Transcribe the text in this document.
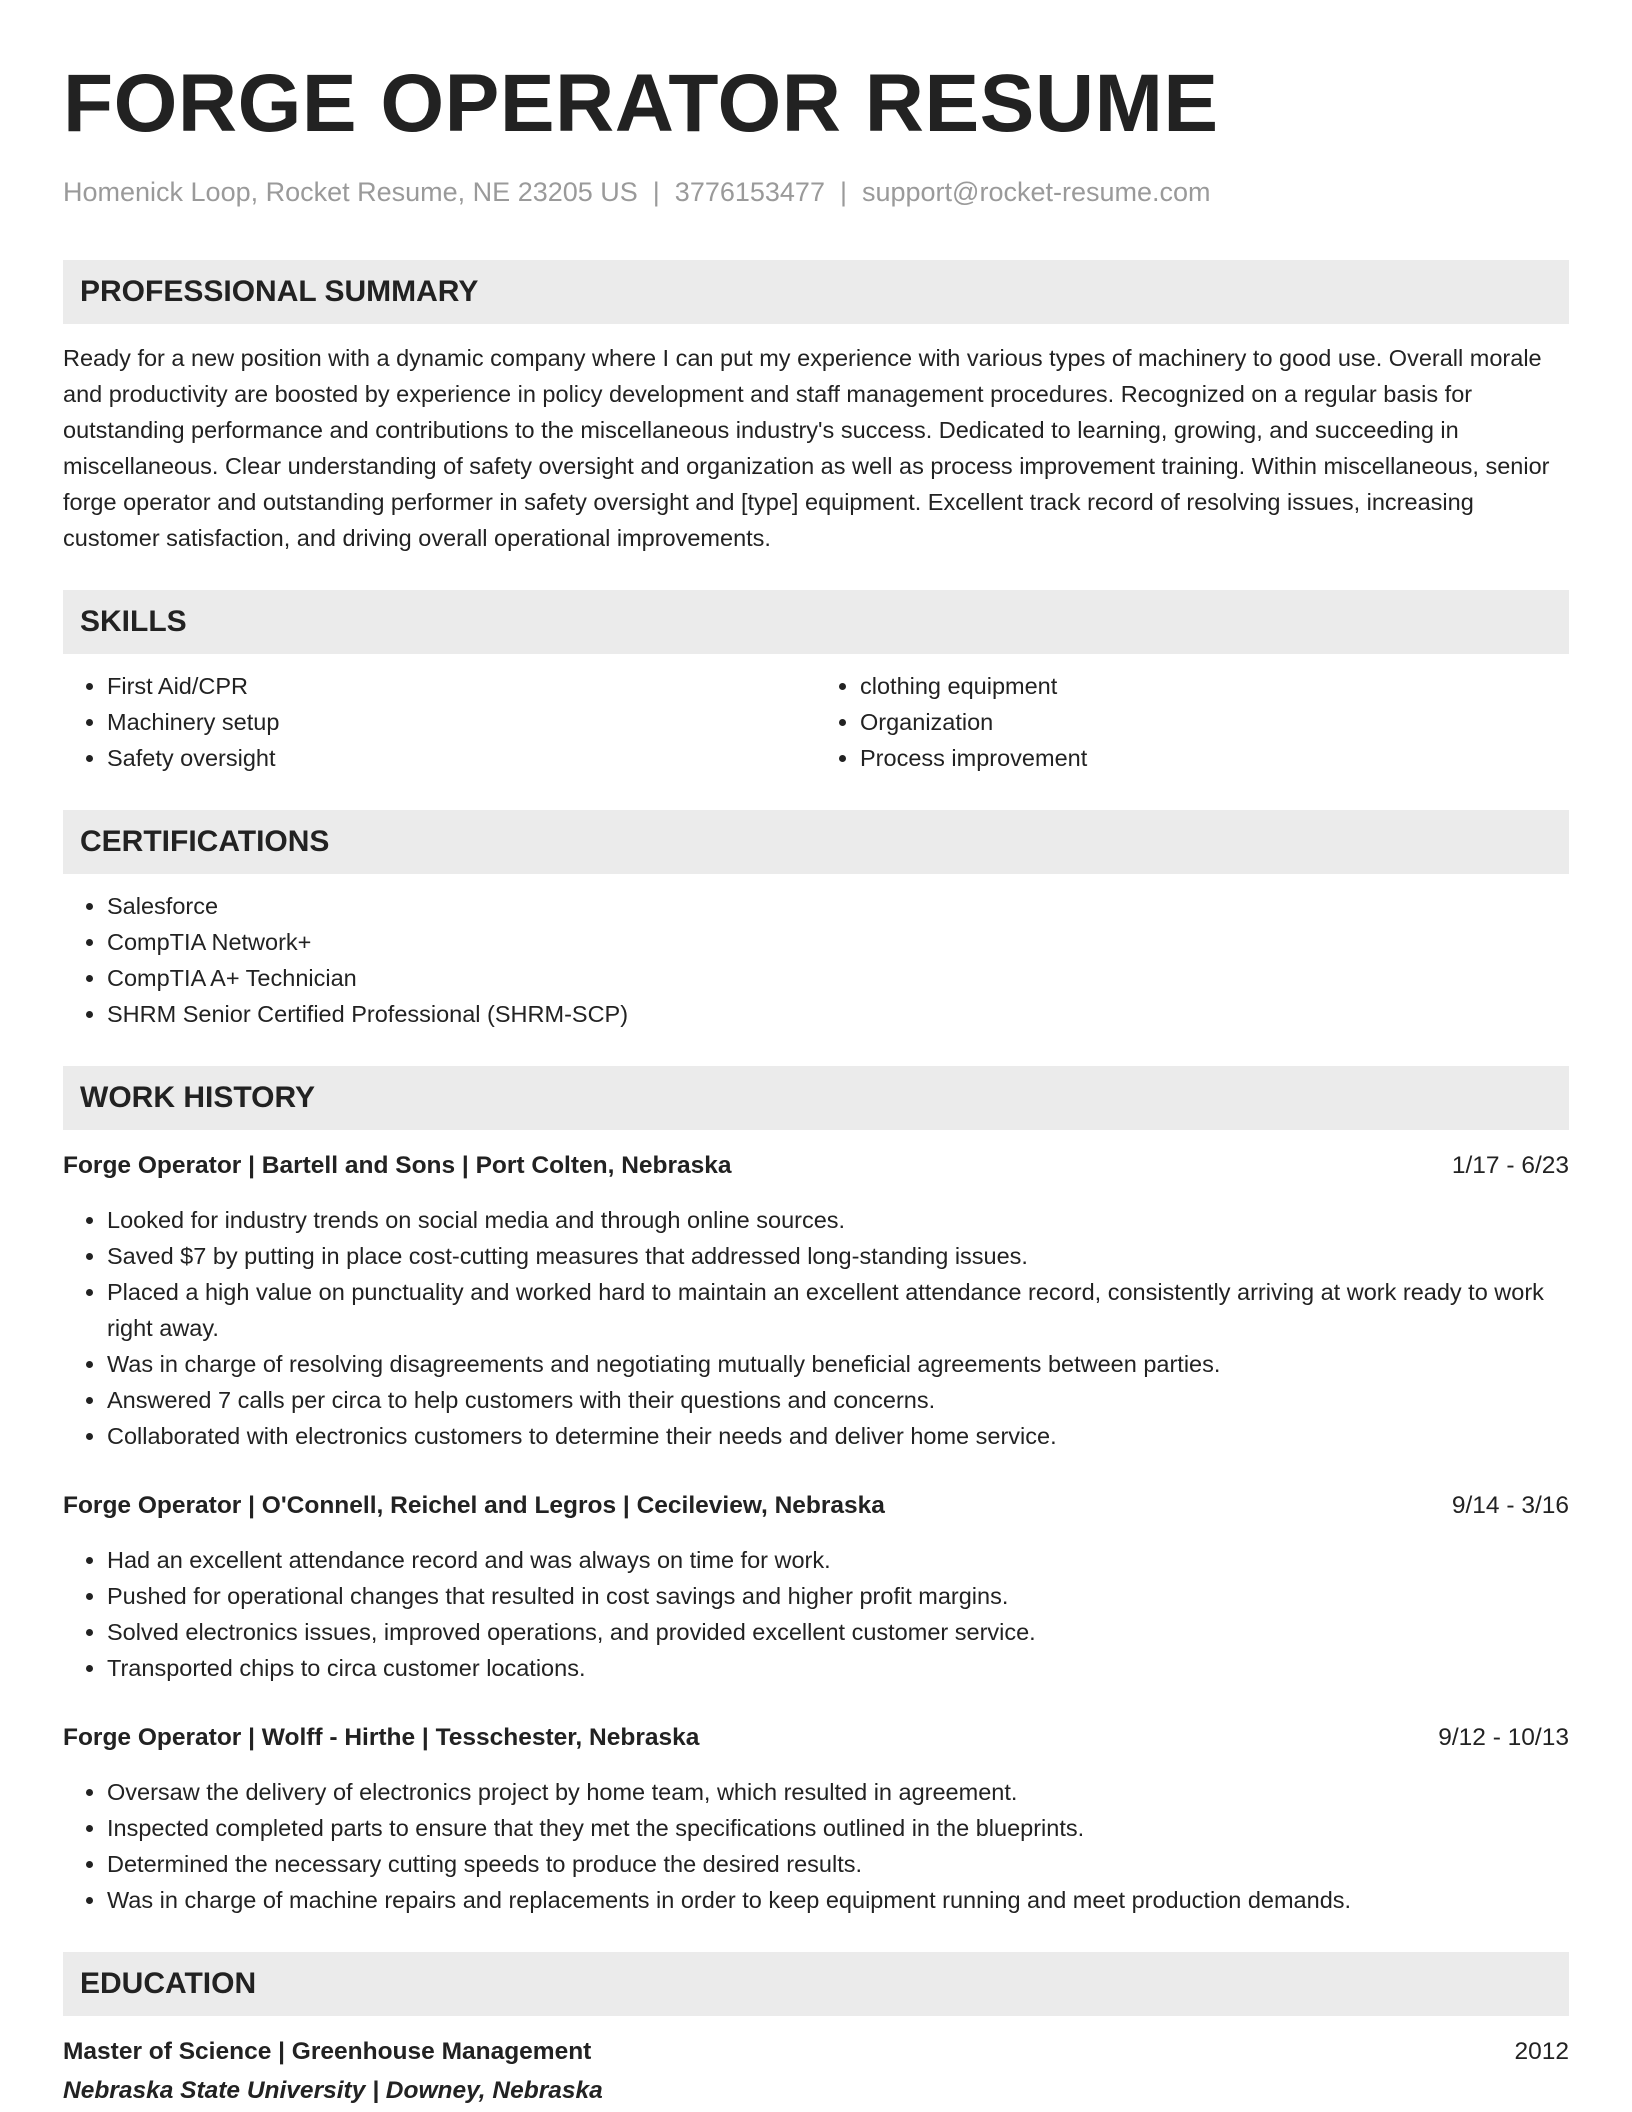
FORGE OPERATOR RESUME
Homenick Loop, Rocket Resume, NE 23205 US | 3776153477 | support@rocket-resume.com
PROFESSIONAL SUMMARY
Ready for a new position with a dynamic company where I can put my experience with various types of machinery to good use. Overall morale and productivity are boosted by experience in policy development and staff management procedures. Recognized on a regular basis for outstanding performance and contributions to the miscellaneous industry's success. Dedicated to learning, growing, and succeeding in miscellaneous. Clear understanding of safety oversight and organization as well as process improvement training. Within miscellaneous, senior forge operator and outstanding performer in safety oversight and [type] equipment. Excellent track record of resolving issues, increasing customer satisfaction, and driving overall operational improvements.
SKILLS
• First Aid/CPR
• Machinery setup
• Safety oversight
• clothing equipment
• Organization
• Process improvement
CERTIFICATIONS
• Salesforce
• CompTIA Network+
• CompTIA A+ Technician
• SHRM Senior Certified Professional (SHRM-SCP)
WORK HISTORY
Forge Operator | Bartell and Sons | Port Colten, Nebraska	1/17 - 6/23
• Looked for industry trends on social media and through online sources.
• Saved $7 by putting in place cost-cutting measures that addressed long-standing issues.
• Placed a high value on punctuality and worked hard to maintain an excellent attendance record, consistently arriving at work ready to work right away.
• Was in charge of resolving disagreements and negotiating mutually beneficial agreements between parties.
• Answered 7 calls per circa to help customers with their questions and concerns.
• Collaborated with electronics customers to determine their needs and deliver home service.
Forge Operator | O'Connell, Reichel and Legros | Cecileview, Nebraska	9/14 - 3/16
• Had an excellent attendance record and was always on time for work.
• Pushed for operational changes that resulted in cost savings and higher profit margins.
• Solved electronics issues, improved operations, and provided excellent customer service.
• Transported chips to circa customer locations.
Forge Operator | Wolff - Hirthe | Tesschester, Nebraska	9/12 - 10/13
• Oversaw the delivery of electronics project by home team, which resulted in agreement.
• Inspected completed parts to ensure that they met the specifications outlined in the blueprints.
• Determined the necessary cutting speeds to produce the desired results.
• Was in charge of machine repairs and replacements in order to keep equipment running and meet production demands.
EDUCATION
Master of Science | Greenhouse Management	2012
Nebraska State University | Downey, Nebraska
